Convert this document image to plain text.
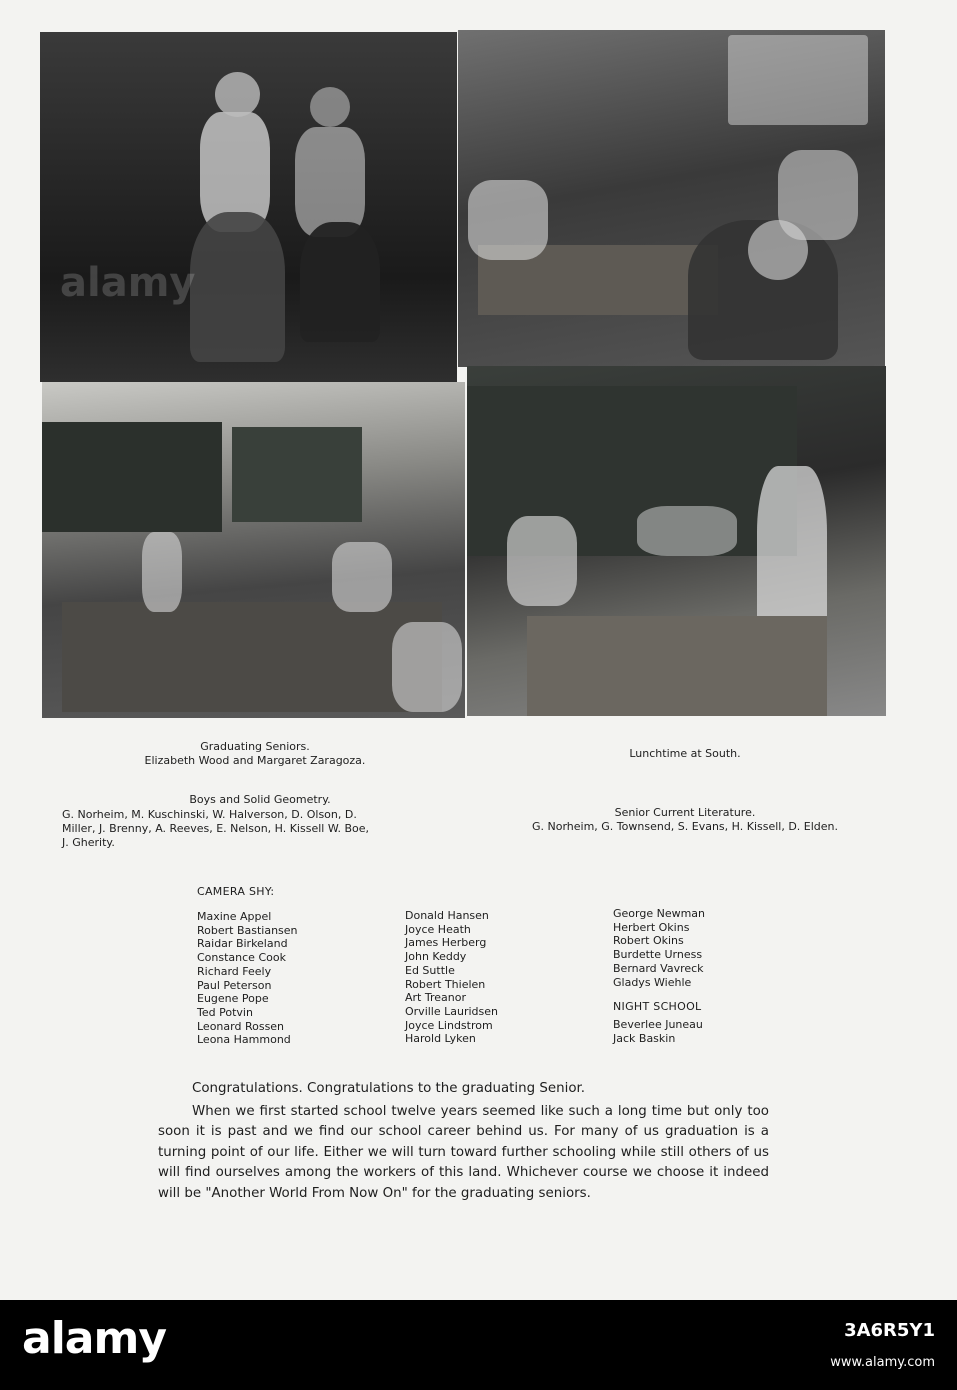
Graduating Seniors.
Elizabeth Wood and Margaret Zaragoza.
Lunchtime at South.
Boys and Solid Geometry.
G. Norheim, M. Kuschinski, W. Halverson, D. Olson, D.
Miller, J. Brenny, A. Reeves, E. Nelson, H. Kissell W. Boe,
J. Gherity.
Senior Current Literature.
G. Norheim, G. Townsend, S. Evans, H. Kissell, D. Elden.
CAMERA SHY:
Maxine Appel
Robert Bastiansen
Raidar Birkeland
Constance Cook
Richard Feely
Paul Peterson
Eugene Pope
Ted Potvin
Leonard Rossen
Leona Hammond
Donald Hansen
Joyce Heath
James Herberg
John Keddy
Ed Suttle
Robert Thielen
Art Treanor
Orville Lauridsen
Joyce Lindstrom
Harold Lyken
George Newman
Herbert Okins
Robert Okins
Burdette Urness
Bernard Vavreck
Gladys Wiehle
NIGHT SCHOOL
Beverlee Juneau
Jack Baskin

Congratulations. Congratulations to the graduating Senior.

When we first started school twelve years seemed like such a long time but only too soon it is past and we find our school career behind us. For many of us graduation is a turning point of our life. Either we will turn toward further schooling while still others of us will find ourselves among the workers of this land. Whichever course we choose it indeed will be "Another World From Now On" for the graduating seniors.

alamy
alamy	3A6R5Y1
www.alamy.com
